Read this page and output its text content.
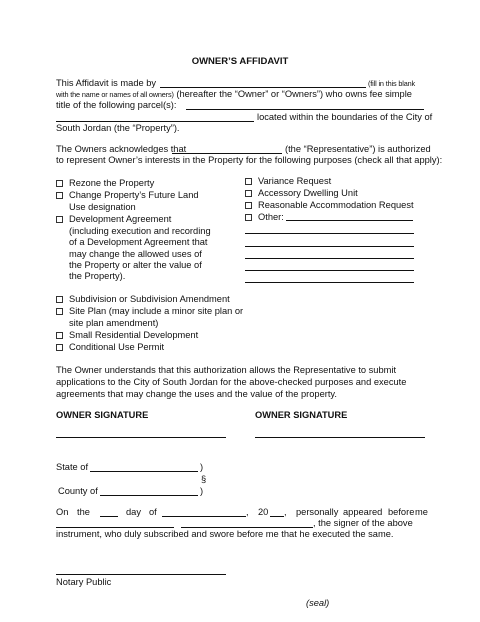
OWNER’S AFFIDAVIT
This Affidavit is made by	(fill in this blank
with the name or names of all owners) (hereafter the “Owner” or “Owners”) who owns fee simple
title of the following parcel(s):
located within the boundaries of the City of
South Jordan (the “Property”).
The Owners acknowledges that	(the “Representative”) is authorized
to represent Owner’s interests in the Property for the following purposes (check all that apply):
Rezone the Property
Change Property’s Future Land
Use designation
Development Agreement
(including execution and recording
of a Development Agreement that
may change the allowed uses of
the Property or alter the value of
the Property).
Subdivision or Subdivision Amendment
Site Plan (may include a minor site plan or
site plan amendment)
Small Residential Development
Conditional Use Permit
Variance Request
Accessory Dwelling Unit
Reasonable Accommodation Request
Other:
The Owner understands that this authorization allows the Representative to submit
applications to the City of South Jordan for the above-checked purposes and execute
agreements that may change the uses and the value of the property.
OWNER SIGNATURE	OWNER SIGNATURE
State of	)
§
County of	)
On the	day of	, 20 , personally appeared before me
, the signer of the above
instrument, who duly subscribed and swore before me that he executed the same.
Notary Public
(seal)
